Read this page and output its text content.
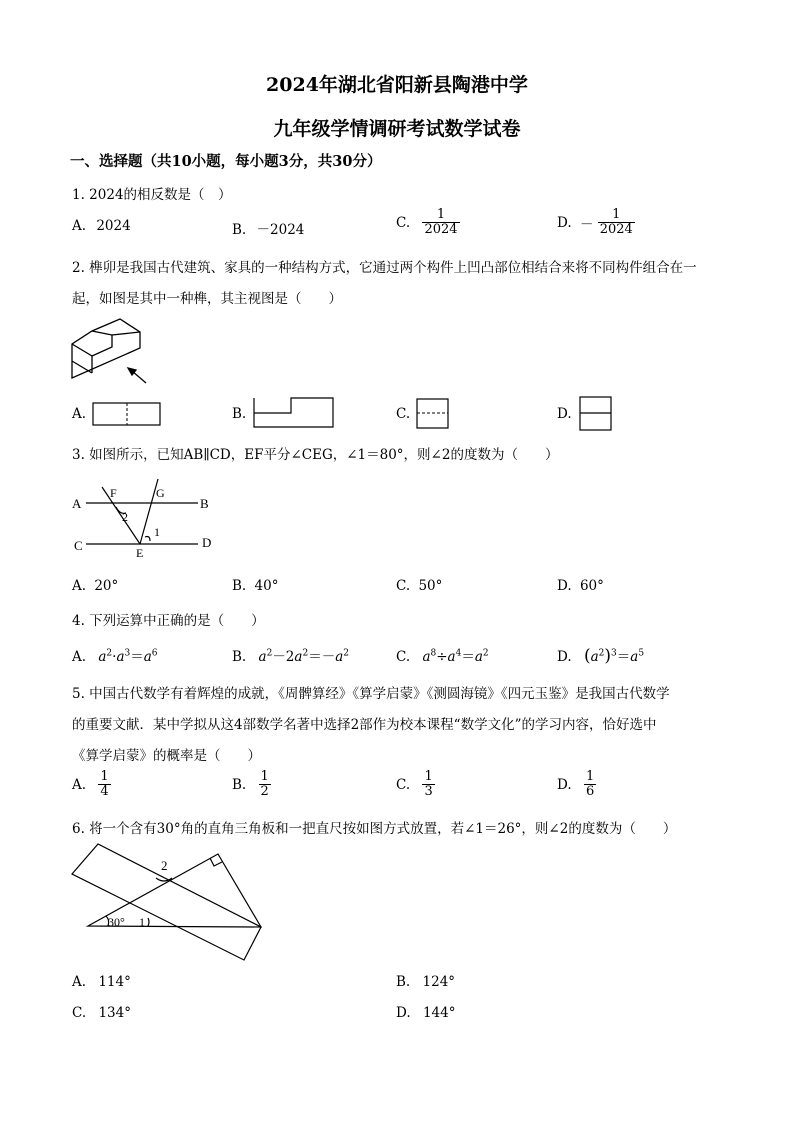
2024年湖北省阳新县陶港中学
九年级学情调研考试数学试卷
一、选择题（共10小题，每小题3分，共30分）
1. 2024的相反数是（　）
A. 2024	B. －2024	C. $\frac{1}{2024}$	D. － $\frac{1}{2024}$
2. 榫卯是我国古代建筑、家具的一种结构方式，它通过两个构件上凹凸部位相结合来将不同构件组合在一
起，如图是其中一种榫，其主视图是（　　）
A.	B.	C.	D.
3. 如图所示，已知AB∥CD，EF平分∠CEG，∠1＝80°，则∠2的度数为（　　）
A	B
C	D
E
F	G
1
2
A. 20°	B. 40°	C. 50°	D. 60°
4. 下列运算中正确的是（　　）
A. $a^2\cdot a^3=a^6$	B. $a^2-2a^2=-a^2$	C. $a^8\div a^4=a^2$	D. $(a^2)^3=a^5$
5. 中国古代数学有着辉煌的成就，《周髀算经》《算学启蒙》《测圆海镜》《四元玉鉴》是我国古代数学
的重要文献．某中学拟从这4部数学名著中选择2部作为校本课程“数学文化”的学习内容，恰好选中
《算学启蒙》的概率是（　　）
A. $\frac{1}{4}$	B. $\frac{1}{2}$	C. $\frac{1}{3}$	D. $\frac{1}{6}$
6. 将一个含有30°角的直角三角板和一把直尺按如图方式放置，若∠1＝26°，则∠2的度数为（　　）
30° 1
2
A. 114°	B. 124°
C. 134°	D. 144°
